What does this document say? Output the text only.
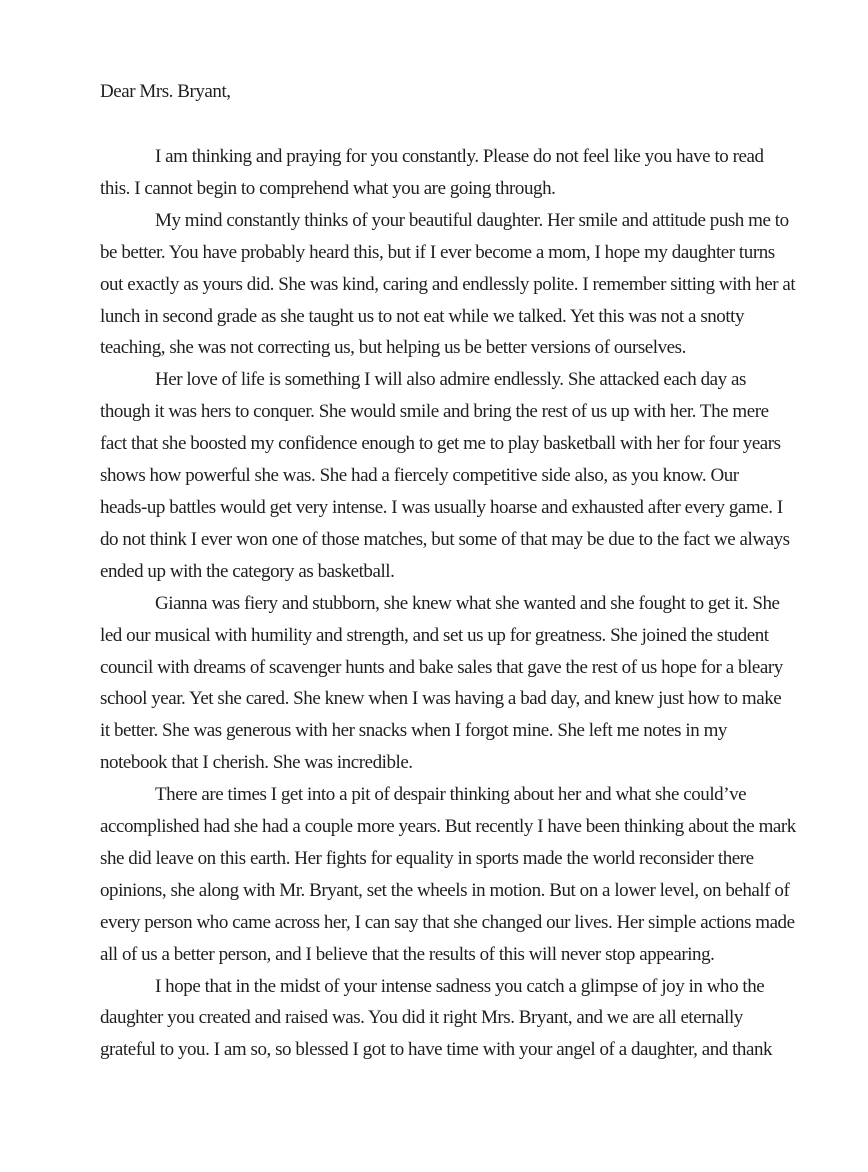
Dear Mrs. Bryant,
I am thinking and praying for you constantly. Please do not feel like you have to read
this. I cannot begin to comprehend what you are going through.
My mind constantly thinks of your beautiful daughter. Her smile and attitude push me to
be better. You have probably heard this, but if I ever become a mom, I hope my daughter turns
out exactly as yours did. She was kind, caring and endlessly polite. I remember sitting with her at
lunch in second grade as she taught us to not eat while we talked. Yet this was not a snotty
teaching, she was not correcting us, but helping us be better versions of ourselves.
Her love of life is something I will also admire endlessly. She attacked each day as
though it was hers to conquer. She would smile and bring the rest of us up with her. The mere
fact that she boosted my confidence enough to get me to play basketball with her for four years
shows how powerful she was. She had a fiercely competitive side also, as you know. Our
heads-up battles would get very intense. I was usually hoarse and exhausted after every game. I
do not think I ever won one of those matches, but some of that may be due to the fact we always
ended up with the category as basketball.
Gianna was fiery and stubborn, she knew what she wanted and she fought to get it. She
led our musical with humility and strength, and set us up for greatness. She joined the student
council with dreams of scavenger hunts and bake sales that gave the rest of us hope for a bleary
school year. Yet she cared. She knew when I was having a bad day, and knew just how to make
it better. She was generous with her snacks when I forgot mine. She left me notes in my
notebook that I cherish. She was incredible.
There are times I get into a pit of despair thinking about her and what she could’ve
accomplished had she had a couple more years. But recently I have been thinking about the mark
she did leave on this earth. Her fights for equality in sports made the world reconsider there
opinions, she along with Mr. Bryant, set the wheels in motion. But on a lower level, on behalf of
every person who came across her, I can say that she changed our lives. Her simple actions made
all of us a better person, and I believe that the results of this will never stop appearing.
I hope that in the midst of your intense sadness you catch a glimpse of joy in who the
daughter you created and raised was. You did it right Mrs. Bryant, and we are all eternally
grateful to you. I am so, so blessed I got to have time with your angel of a daughter, and thank
